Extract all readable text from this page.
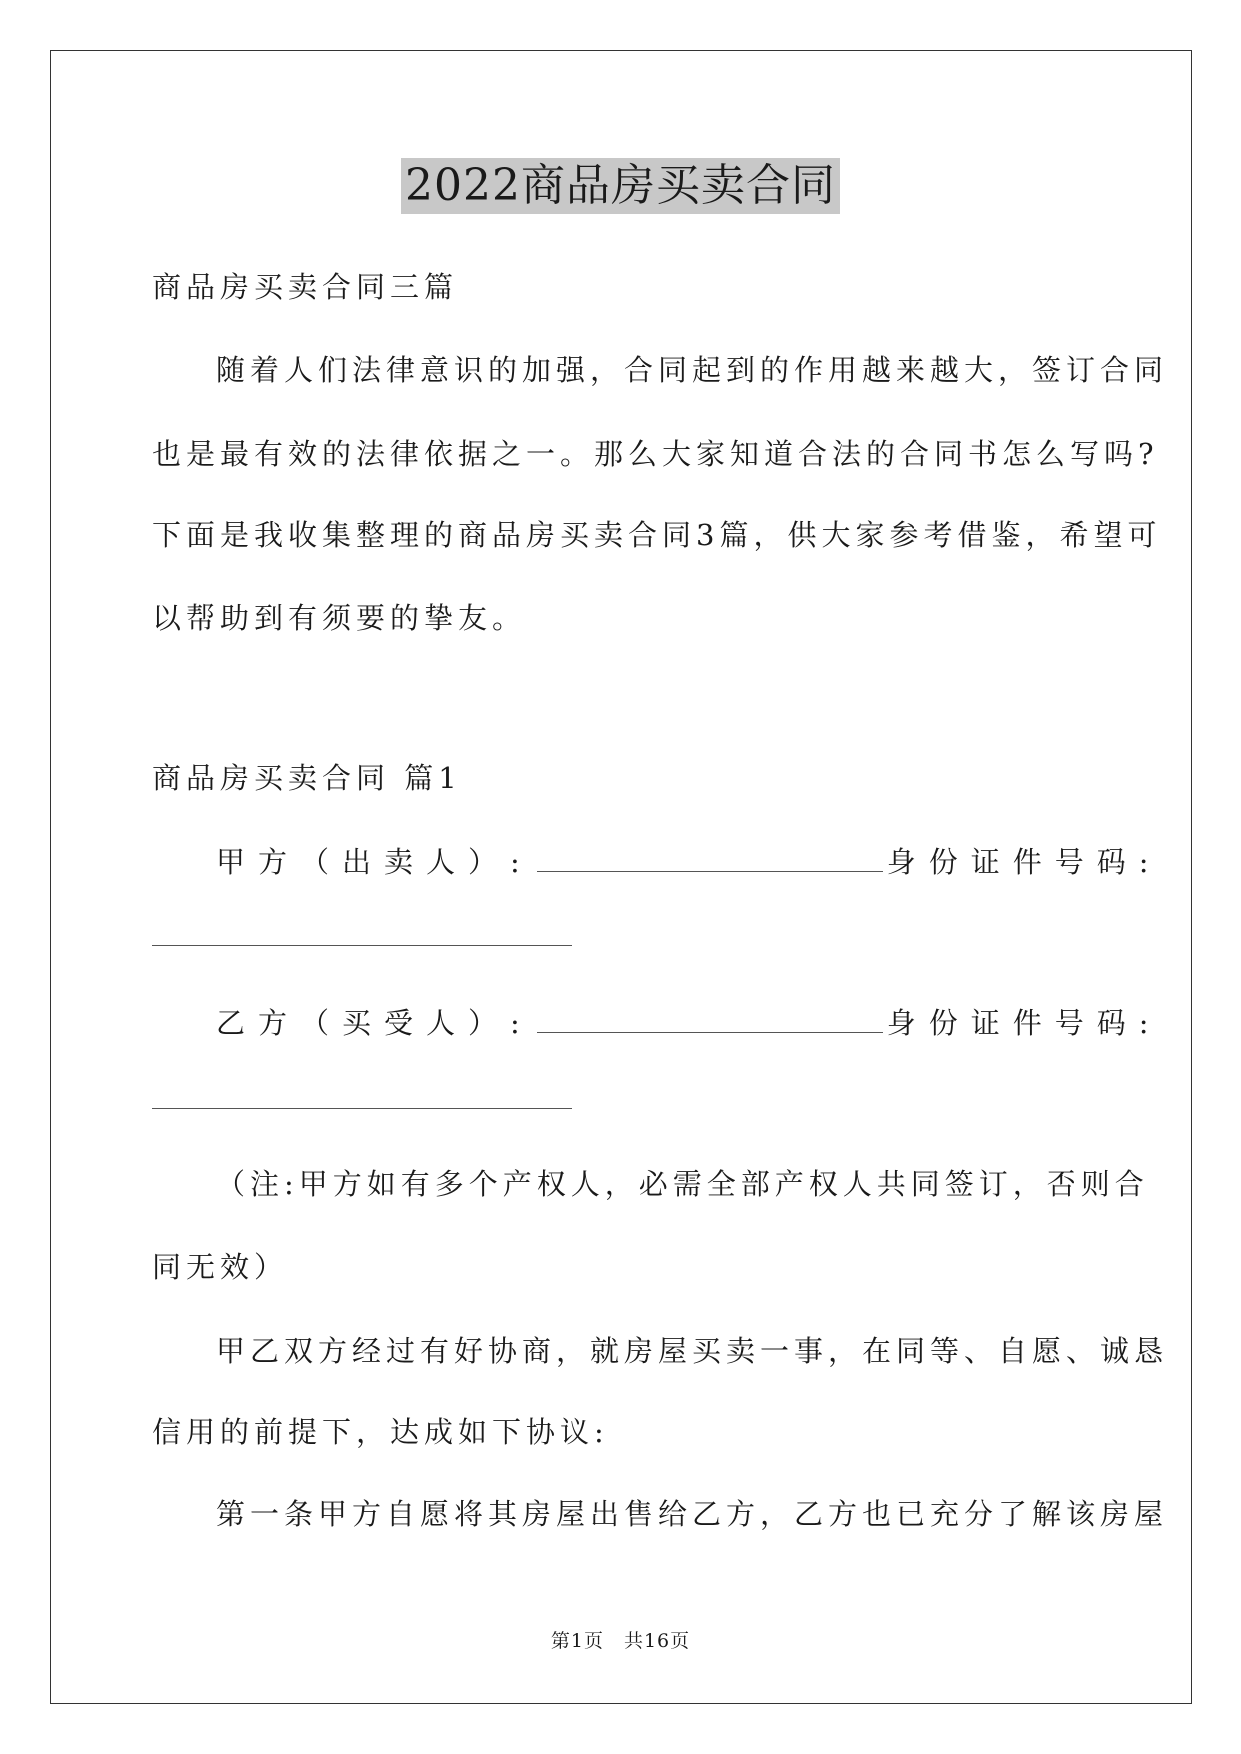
2022商品房买卖合同
商品房买卖合同三篇
随着人们法律意识的加强，合同起到的作用越来越大，签订合同
也是最有效的法律依据之一。那么大家知道合法的合同书怎么写吗?
下面是我收集整理的商品房买卖合同3篇，供大家参考借鉴，希望可
以帮助到有须要的挚友。
商品房买卖合同 篇1
甲方（出卖人）:	身份证件号码:
乙方（买受人）:	身份证件号码:
（注:甲方如有多个产权人，必需全部产权人共同签订，否则合
同无效）
甲乙双方经过有好协商，就房屋买卖一事，在同等、自愿、诚恳
信用的前提下，达成如下协议:
第一条甲方自愿将其房屋出售给乙方，乙方也已充分了解该房屋
第1页　共16页
